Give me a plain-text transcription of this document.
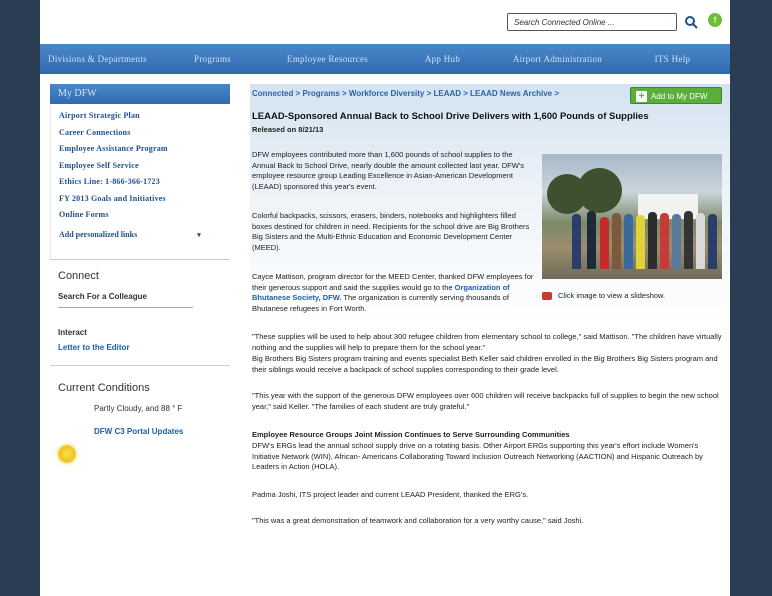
Search Connected Online ...	f
Divisions & Departments	Programs	Employee Resources	App Hub	Airport Administration	ITS Help
My DFW
Airport Strategic Plan
Career Connections
Employee Assistance Program
Employee Self Service
Ethics Line: 1-866-366-1723
FY 2013 Goals and Initiatives
Online Forms
Add personalized links	▾
Connect
Search For a Colleague
Interact
Letter to the Editor
Current Conditions
Partly Cloudy, and 88 ° F
DFW C3 Portal Updates
Connected > Programs > Workforce Diversity > LEAAD > LEAAD News Archive >	+ Add to My DFW
LEAAD-Sponsored Annual Back to School Drive Delivers with 1,600 Pounds of Supplies
Released on 8/21/13
DFW employees contributed more than 1,600 pounds of school supplies to the Annual Back to School Drive, nearly double the amount collected last year. DFW's employee resource group Leading Excellence in Asian-American Development (LEAAD) sponsored this year's event.
Colorful backpacks, scissors, erasers, binders, notebooks and highlighters filled boxes destined for children in need. Recipients for the school drive are Big Brothers Big Sisters and the Multi-Ethnic Education and Economic Development Center (MEED).
Cayce Mattison, program director for the MEED Center, thanked DFW employees for their generous support and said the supplies would go to the Organization of Bhutanese Society, DFW. The organization is currently serving thousands of Bhutanese refugees in Fort Worth.
Click image to view a slideshow.
"These supplies will be used to help about 300 refugee children from elementary school to college," said Mattison. "The children have virtually nothing and the supplies will help to prepare them for the school year."
Big Brothers Big Sisters program training and events specialist Beth Keller said children enrolled in the Big Brothers Big Sisters program and their siblings would receive a backpack of school supplies corresponding to their grade level.
"This year with the support of the generous DFW employees over 600 children will receive backpacks full of supplies to begin the new school year," said Keller. "The families of each student are truly grateful."
Employee Resource Groups Joint Mission Continues to Serve Surrounding Communities
DFW's ERGs lead the annual school supply drive on a rotating basis. Other Airport ERGs supporting this year's effort include Women's Initiative Network (WIN), African- Americans Collaborating Toward Inclusion Outreach Networking (AACTION) and Hispanic Outreach by Leaders in Action (HOLA).
Padma Joshi, ITS project leader and current LEAAD President, thanked the ERG's.
"This was a great demonstration of teamwork and collaboration for a very worthy cause," said Joshi.
